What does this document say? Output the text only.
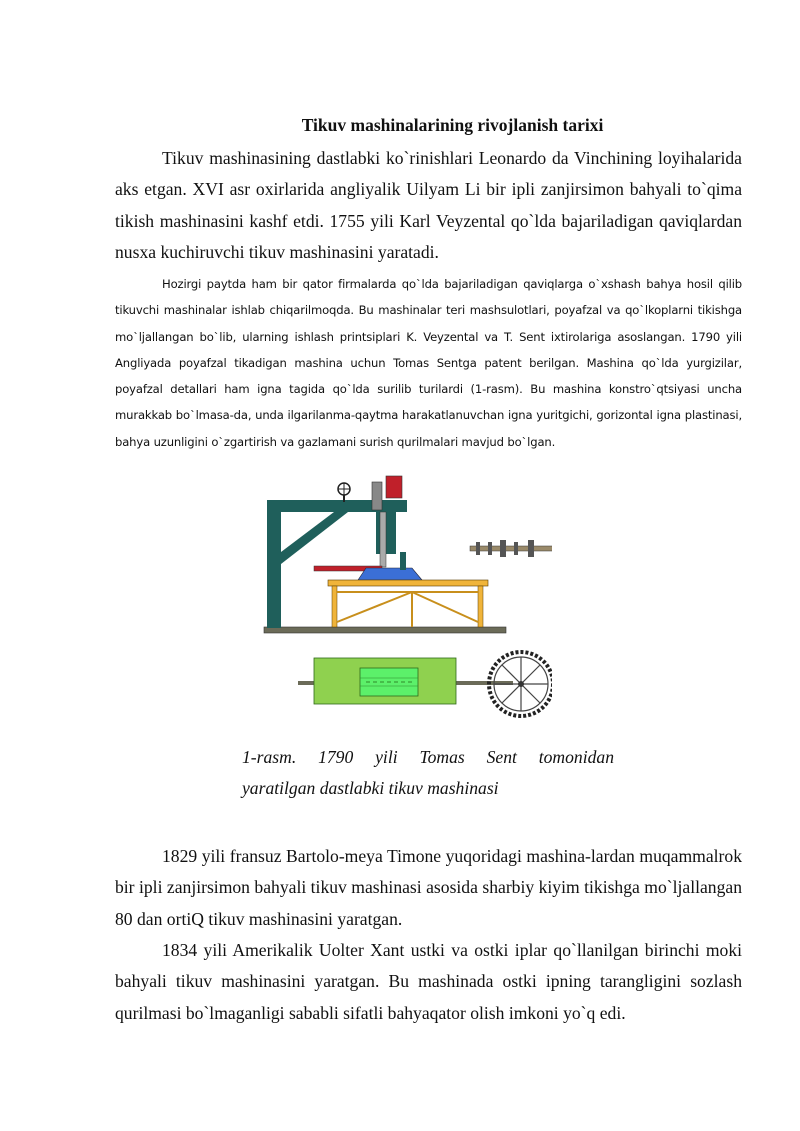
Tikuv mashinalarining rivojlanish tarixi

Tikuv mashinasining dastlabki ko`rinishlari Leonardo da Vinchining loyihalarida aks etgan. XVI asr oxirlarida angliyalik Uilyam Li bir ipli zanjirsimon bahyali to`qima tikish mashinasini kashf etdi. 1755 yili Karl Veyzental qo`lda bajariladigan qaviqlardan nusxa kuchiruvchi tikuv mashinasini yaratadi.

Hozirgi paytda ham bir qator firmalarda qo`lda bajariladigan qaviqlarga o`xshash bahya hosil qilib tikuvchi mashinalar ishlab chiqarilmoqda. Bu mashinalar teri mashsulotlari, poyafzal va qo`lkoplarni tikishga mo`ljallangan bo`lib, ularning ishlash printsiplari K. Veyzental va T. Sent ixtirolariga asoslangan. 1790 yili Angliyada poyafzal tikadigan mashina uchun Tomas Sentga patent berilgan. Mashina qo`lda yurgizilar, poyafzal detallari ham igna tagida qo`lda surilib turilardi (1-rasm). Bu mashina konstro`qtsiyasi uncha murakkab bo`lmasa-da, unda ilgarilanma-qaytma harakatlanuvchan igna yuritgichi, gorizontal igna plastinasi, bahya uzunligini o`zgartirish va gazlamani surish qurilmalari mavjud bo`lgan.

1-rasm. 1790 yili Tomas Sent tomonidan
yaratilgan dastlabki tikuv mashinasi

1829 yili fransuz Bartolo-meya Timone yuqoridagi mashina-lardan muqammalrok bir ipli zanjirsimon bahyali tikuv mashinasi asosida sharbiy kiyim tikishga mo`ljallangan 80 dan ortiQ tikuv mashinasini yaratgan.

1834 yili Amerikalik Uolter Xant ustki va ostki iplar qo`llanilgan birinchi moki bahyali tikuv mashinasini yaratgan. Bu mashinada ostki ipning tarangligini sozlash qurilmasi bo`lmaganligi sababli sifatli bahyaqator olish imkoni yo`q edi.
